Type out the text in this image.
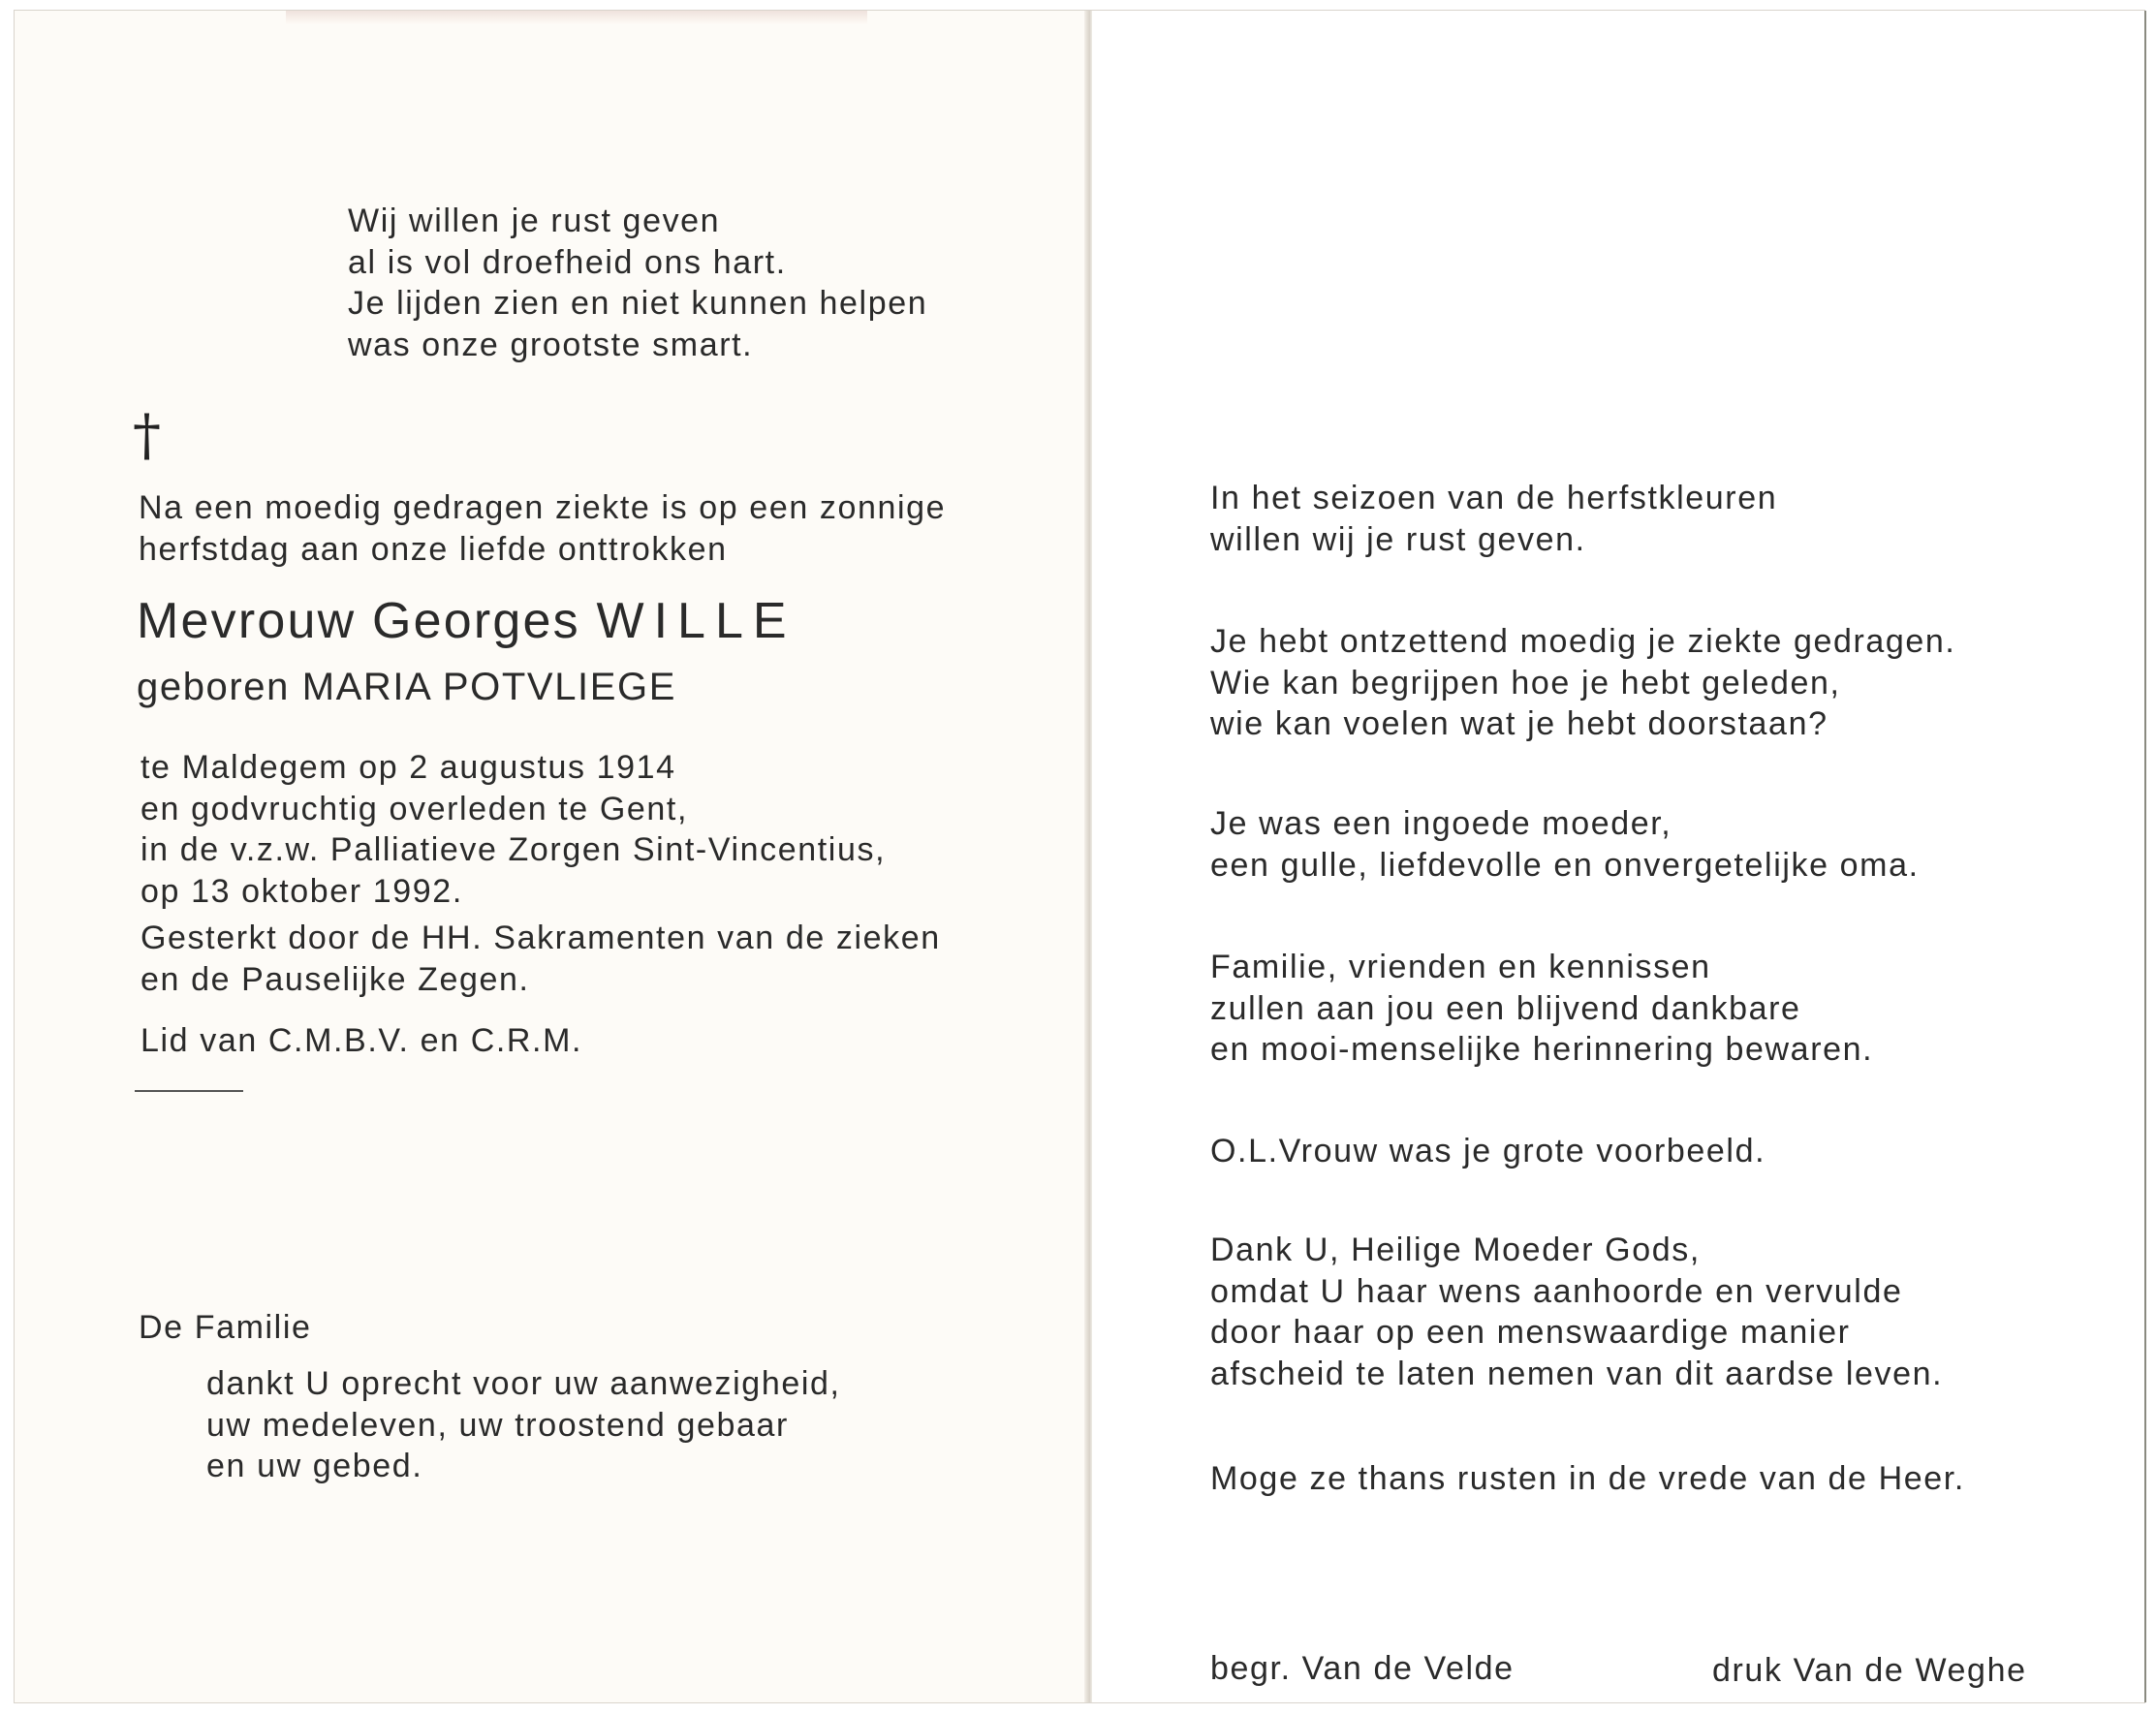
Wij willen je rust geven
al is vol droefheid ons hart.
Je lijden zien en niet kunnen helpen
was onze grootste smart.
†
Na een moedig gedragen ziekte is op een zonnige
herfstdag aan onze liefde onttrokken
Mevrouw Georges WILLE
geboren MARIA POTVLIEGE
te Maldegem op 2 augustus 1914
en godvruchtig overleden te Gent,
in de v.z.w. Palliatieve Zorgen Sint-Vincentius,
op 13 oktober 1992.
Gesterkt door de HH. Sakramenten van de zieken
en de Pauselijke Zegen.
Lid van C.M.B.V. en C.R.M.
De Familie
dankt U oprecht voor uw aanwezigheid,
uw medeleven, uw troostend gebaar
en uw gebed.
In het seizoen van de herfstkleuren
willen wij je rust geven.
Je hebt ontzettend moedig je ziekte gedragen.
Wie kan begrijpen hoe je hebt geleden,
wie kan voelen wat je hebt doorstaan?
Je was een ingoede moeder,
een gulle, liefdevolle en onvergetelijke oma.
Familie, vrienden en kennissen
zullen aan jou een blijvend dankbare
en mooi-menselijke herinnering bewaren.
O.L.Vrouw was je grote voorbeeld.
Dank U, Heilige Moeder Gods,
omdat U haar wens aanhoorde en vervulde
door haar op een menswaardige manier
afscheid te laten nemen van dit aardse leven.
Moge ze thans rusten in de vrede van de Heer.
begr. Van de Velde	druk Van de Weghe
